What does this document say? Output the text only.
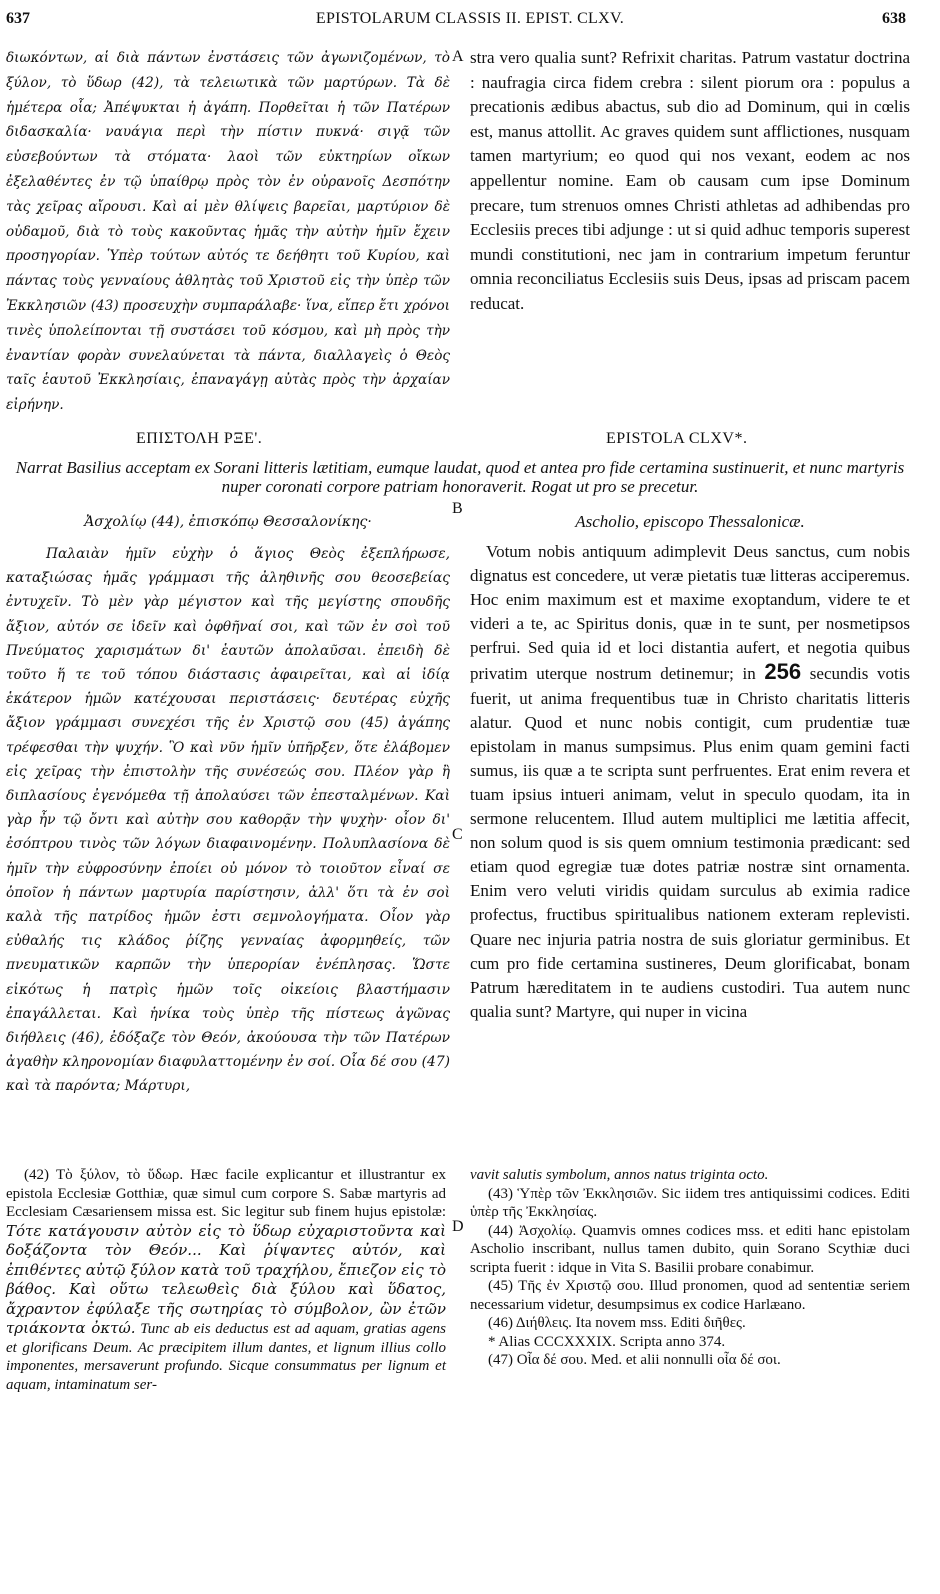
637	EPISTOLARUM CLASSIS II. EPIST. CLXV.	638

διωκόντων, αἱ διὰ πάντων ἐνστάσεις τῶν ἀγωνιζομένων, τὸ ξύλον, τὸ ὕδωρ (42), τὰ τελειωτικὰ τῶν μαρτύρων. Τὰ δὲ ἡμέτερα οἷα; Ἀπέψυκται ἡ ἀγάπη. Πορθεῖται ἡ τῶν Πατέρων διδασκαλία· ναυάγια περὶ τὴν πίστιν πυκνά· σιγᾷ τῶν εὐσεβούντων τὰ στόματα· λαοὶ τῶν εὐκτηρίων οἴκων ἐξελαθέντες ἐν τῷ ὑπαίθρῳ πρὸς τὸν ἐν οὐρανοῖς Δεσπότην τὰς χεῖρας αἴρουσι. Καὶ αἱ μὲν θλίψεις βαρεῖαι, μαρτύριον δὲ οὐδαμοῦ, διὰ τὸ τοὺς κακοῦντας ἡμᾶς τὴν αὐτὴν ἡμῖν ἔχειν προσηγορίαν. Ὑπὲρ τούτων αὐτός τε δεήθητι τοῦ Κυρίου, καὶ πάντας τοὺς γενναίους ἀθλητὰς τοῦ Χριστοῦ εἰς τὴν ὑπὲρ τῶν Ἐκκλησιῶν (43) προσευχὴν συμπαράλαβε· ἵνα, εἴπερ ἔτι χρόνοι τινὲς ὑπολείπονται τῇ συστάσει τοῦ κόσμου, καὶ μὴ πρὸς τὴν ἐναντίαν φορὰν συνελαύνεται τὰ πάντα, διαλλαγεὶς ὁ Θεὸς ταῖς ἑαυτοῦ Ἐκκλησίαις, ἐπαναγάγῃ αὐτὰς πρὸς τὴν ἀρχαίαν εἰρήνην.

A stra vero qualia sunt? Refrixit charitas. Patrum vastatur doctrina : naufragia circa fidem crebra : silent piorum ora : populus a precationis ædibus abactus, sub dio ad Dominum, qui in cœlis est, manus attollit. Ac graves quidem sunt afflictiones, nusquam tamen martyrium; eo quod qui nos vexant, eodem ac nos appellentur nomine. Eam ob causam cum ipse Dominum precare, tum strenuos omnes Christi athletas ad adhibendas pro Ecclesiis preces tibi adjunge : ut si quid adhuc temporis superest mundi constitutioni, nec jam in contrarium impetum feruntur omnia reconciliatus Ecclesiis suis Deus, ipsas ad priscam pacem reducat.

ΕΠΙΣΤΟΛΗ ΡΞΕ'.	EPISTOLA CLXV*.
Narrat Basilius acceptam ex Sorani litteris lætitiam, eumque laudat, quod et antea pro fide certamina sustinuerit, et nunc martyris nuper coronati corpore patriam honoraverit. Rogat ut pro se precetur.
B
Ἀσχολίῳ (44), ἐπισκόπῳ Θεσσαλονίκης·	Ascholio, episcopo Thessalonicæ.

Παλαιὰν ἡμῖν εὐχὴν ὁ ἅγιος Θεὸς ἐξεπλήρωσε, καταξιώσας ἡμᾶς γράμμασι τῆς ἀληθινῆς σου θεοσεβείας ἐντυχεῖν. Τὸ μὲν γὰρ μέγιστον καὶ τῆς μεγίστης σπουδῆς ἄξιον, αὐτόν σε ἰδεῖν καὶ ὀφθῆναί σοι, καὶ τῶν ἐν σοὶ τοῦ Πνεύματος χαρισμάτων δι' ἑαυτῶν ἀπολαῦσαι. ἐπειδὴ δὲ τοῦτο ἥ τε τοῦ τόπου διάστασις ἀφαιρεῖται, καὶ αἱ ἰδίᾳ ἑκάτερον ἡμῶν κατέχουσαι περιστάσεις· δευτέρας εὐχῆς ἄξιον γράμμασι συνεχέσι τῆς ἐν Χριστῷ σου (45) ἀγάπης τρέφεσθαι τὴν ψυχήν. Ὃ καὶ νῦν ἡμῖν ὑπῆρξεν, ὅτε ἐλάβομεν εἰς χεῖρας τὴν ἐπιστολὴν τῆς συνέσεώς σου. Πλέον γὰρ ἢ διπλασίους ἐγενόμεθα τῇ ἀπολαύσει τῶν ἐπεσταλμένων. Καὶ γὰρ ἦν τῷ ὄντι καὶ αὐτὴν σου καθορᾷν τὴν ψυχὴν· οἷον δι' ἐσόπτρου τινὸς τῶν λόγων διαφαινομένην. Πολυπλασίονα δὲ ἡμῖν τὴν εὐφροσύνην ἐποίει οὐ μόνον τὸ τοιοῦτον εἶναί σε ὁποῖον ἡ πάντων μαρτυρία παρίστησιν, ἀλλ' ὅτι τὰ ἐν σοὶ καλὰ τῆς πατρίδος ἡμῶν ἐστι σεμνολογήματα. Οἷον γὰρ εὐθαλής τις κλάδος ῥίζης γενναίας ἀφορμηθείς, τῶν πνευματικῶν καρπῶν τὴν ὑπερορίαν ἐνέπλησας. Ὥστε εἰκότως ἡ πατρὶς ἡμῶν τοῖς οἰκείοις βλαστήμασιν ἐπαγάλλεται. Καὶ ἡνίκα τοὺς ὑπὲρ τῆς πίστεως ἀγῶνας διήθλεις (46), ἐδόξαζε τὸν Θεόν, ἀκούουσα τὴν τῶν Πατέρων ἀγαθὴν κληρονομίαν διαφυλαττομένην ἐν σοί. Οἷα δέ σου (47) καὶ τὰ παρόντα; Μάρτυρι,

C

Votum nobis antiquum adimplevit Deus sanctus, cum nobis dignatus est concedere, ut veræ pietatis tuæ litteras acciperemus. Hoc enim maximum est et maxime exoptandum, videre te et videri a te, ac Spiritus donis, quæ in te sunt, per nosmetipsos perfrui. Sed quia id et loci distantia aufert, et negotia quibus privatim uterque nostrum detinemur; in 256 secundis votis fuerit, ut anima frequentibus tuæ in Christo charitatis litteris alatur. Quod et nunc nobis contigit, cum prudentiæ tuæ epistolam in manus sumpsimus. Plus enim quam gemini facti sumus, iis quæ a te scripta sunt perfruentes. Erat enim revera et tuam ipsius intueri animam, velut in speculo quodam, ita in sermone relucentem. Illud autem multiplici me lætitia affecit, non solum quod is sis quem omnium testimonia prædicant: sed etiam quod egregiæ tuæ dotes patriæ nostræ sint ornamenta. Enim vero veluti viridis quidam surculus ab eximia radice profectus, fructibus spiritualibus nationem exteram replevisti. Quare nec injuria patria nostra de suis gloriatur germinibus. Et cum pro fide certamina sustineres, Deum glorificabat, bonam Patrum hæreditatem in te audiens custodiri. Tua autem nunc qualia sunt? Martyre, qui nuper in vicina

(42) Τὸ ξύλον, τὸ ὕδωρ. Hæc facile explicantur et illustrantur ex epistola Ecclesiæ Gotthiæ, quæ simul cum corpore S. Sabæ martyris ad Ecclesiam Cæsariensem missa est. Sic legitur sub finem hujus epistolæ: Τότε κατάγουσιν αὐτὸν εἰς τὸ ὕδωρ εὐχαριστοῦντα καὶ δοξάζοντα τὸν Θεόν... Καὶ ῥίψαντες αὐτόν, καὶ ἐπιθέντες αὐτῷ ξύλον κατὰ τοῦ τραχήλου, ἔπιεζον εἰς τὸ βάθος. Καὶ οὕτω τελεωθεὶς διὰ ξύλου καὶ ὕδατος, ἄχραντον ἐφύλαξε τῆς σωτηρίας τὸ σύμβολον, ὢν ἐτῶν τριάκοντα ὀκτώ. Tunc ab eis deductus est ad aquam, gratias agens et glorificans Deum. Ac præcipitem illum dantes, et lignum illius collo imponentes, mersaverunt profundo. Sicque consummatus per lignum et aquam, intaminatum ser-

D

vavit salutis symbolum, annos natus triginta octo.

(43) Ὑπὲρ τῶν Ἐκκλησιῶν. Sic iidem tres antiquissimi codices. Editi ὑπὲρ τῆς Ἐκκλησίας.

(44) Ἀσχολίῳ. Quamvis omnes codices mss. et editi hanc epistolam Ascholio inscribant, nullus tamen dubito, quin Sorano Scythiæ duci scripta fuerit : idque in Vita S. Basilii probare conabimur.

(45) Τῆς ἐν Χριστῷ σου. Illud pronomen, quod ad sententiæ seriem necessarium videtur, desumpsimus ex codice Harlæano.

(46) Διήθλεις. Ita novem mss. Editi διῆθες.

* Alias CCCXXXIX. Scripta anno 374.

(47) Οἷα δέ σου. Med. et alii nonnulli οἷα δέ σοι.
